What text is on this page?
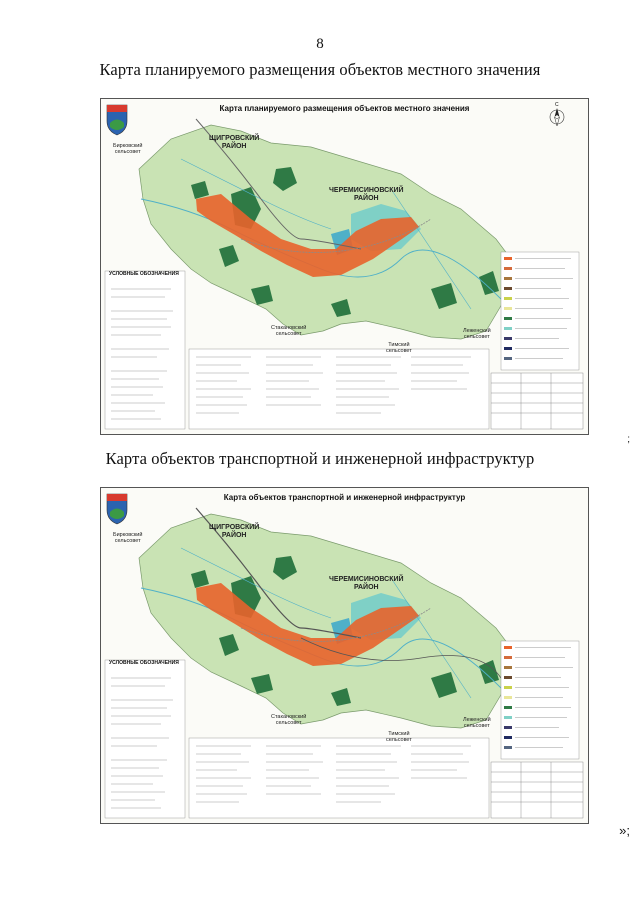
8
Карта планируемого размещения объектов местного значения
С
Карта планируемого размещения объектов местного значения
ЩИГРОВСКИЙ
РАЙОН
ЧЕРЕМИСИНОВСКИЙ
РАЙОН
Бирковский
сельсовет
Стакановский
сельсовет
Тимский
сельсовет
Леженский
сельсовет
УСЛОВНЫЕ ОБОЗНАЧЕНИЯ
;
Карта объектов транспортной и инженерной инфраструктур
Карта объектов транспортной и инженерной инфраструктур
ЩИГРОВСКИЙ
РАЙОН
ЧЕРЕМИСИНОВСКИЙ
РАЙОН
Бирковский
сельсовет
Стакановский
сельсовет
Тимский
сельсовет
Леженский
сельсовет
УСЛОВНЫЕ ОБОЗНАЧЕНИЯ
»;
